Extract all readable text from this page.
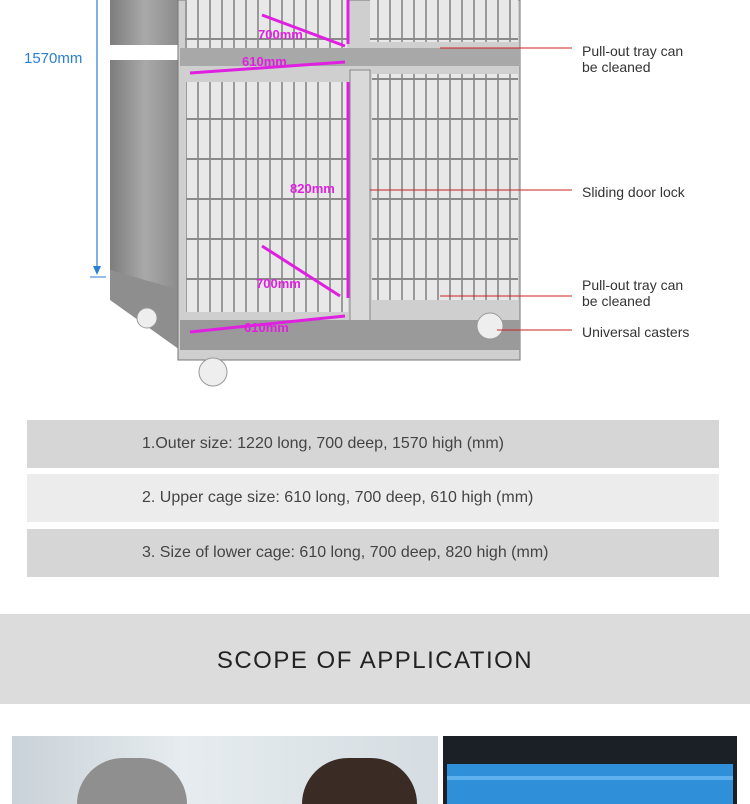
1570mm
700mm
610mm
820mm
700mm
610mm
Pull-out tray can
be cleaned
Sliding door lock
Pull-out tray can
be cleaned
Universal casters
1.Outer size: 1220 long, 700 deep, 1570 high (mm)
2. Upper cage size: 610 long, 700 deep, 610 high (mm)
3. Size of lower cage: 610 long, 700 deep, 820 high (mm)
SCOPE OF APPLICATION
